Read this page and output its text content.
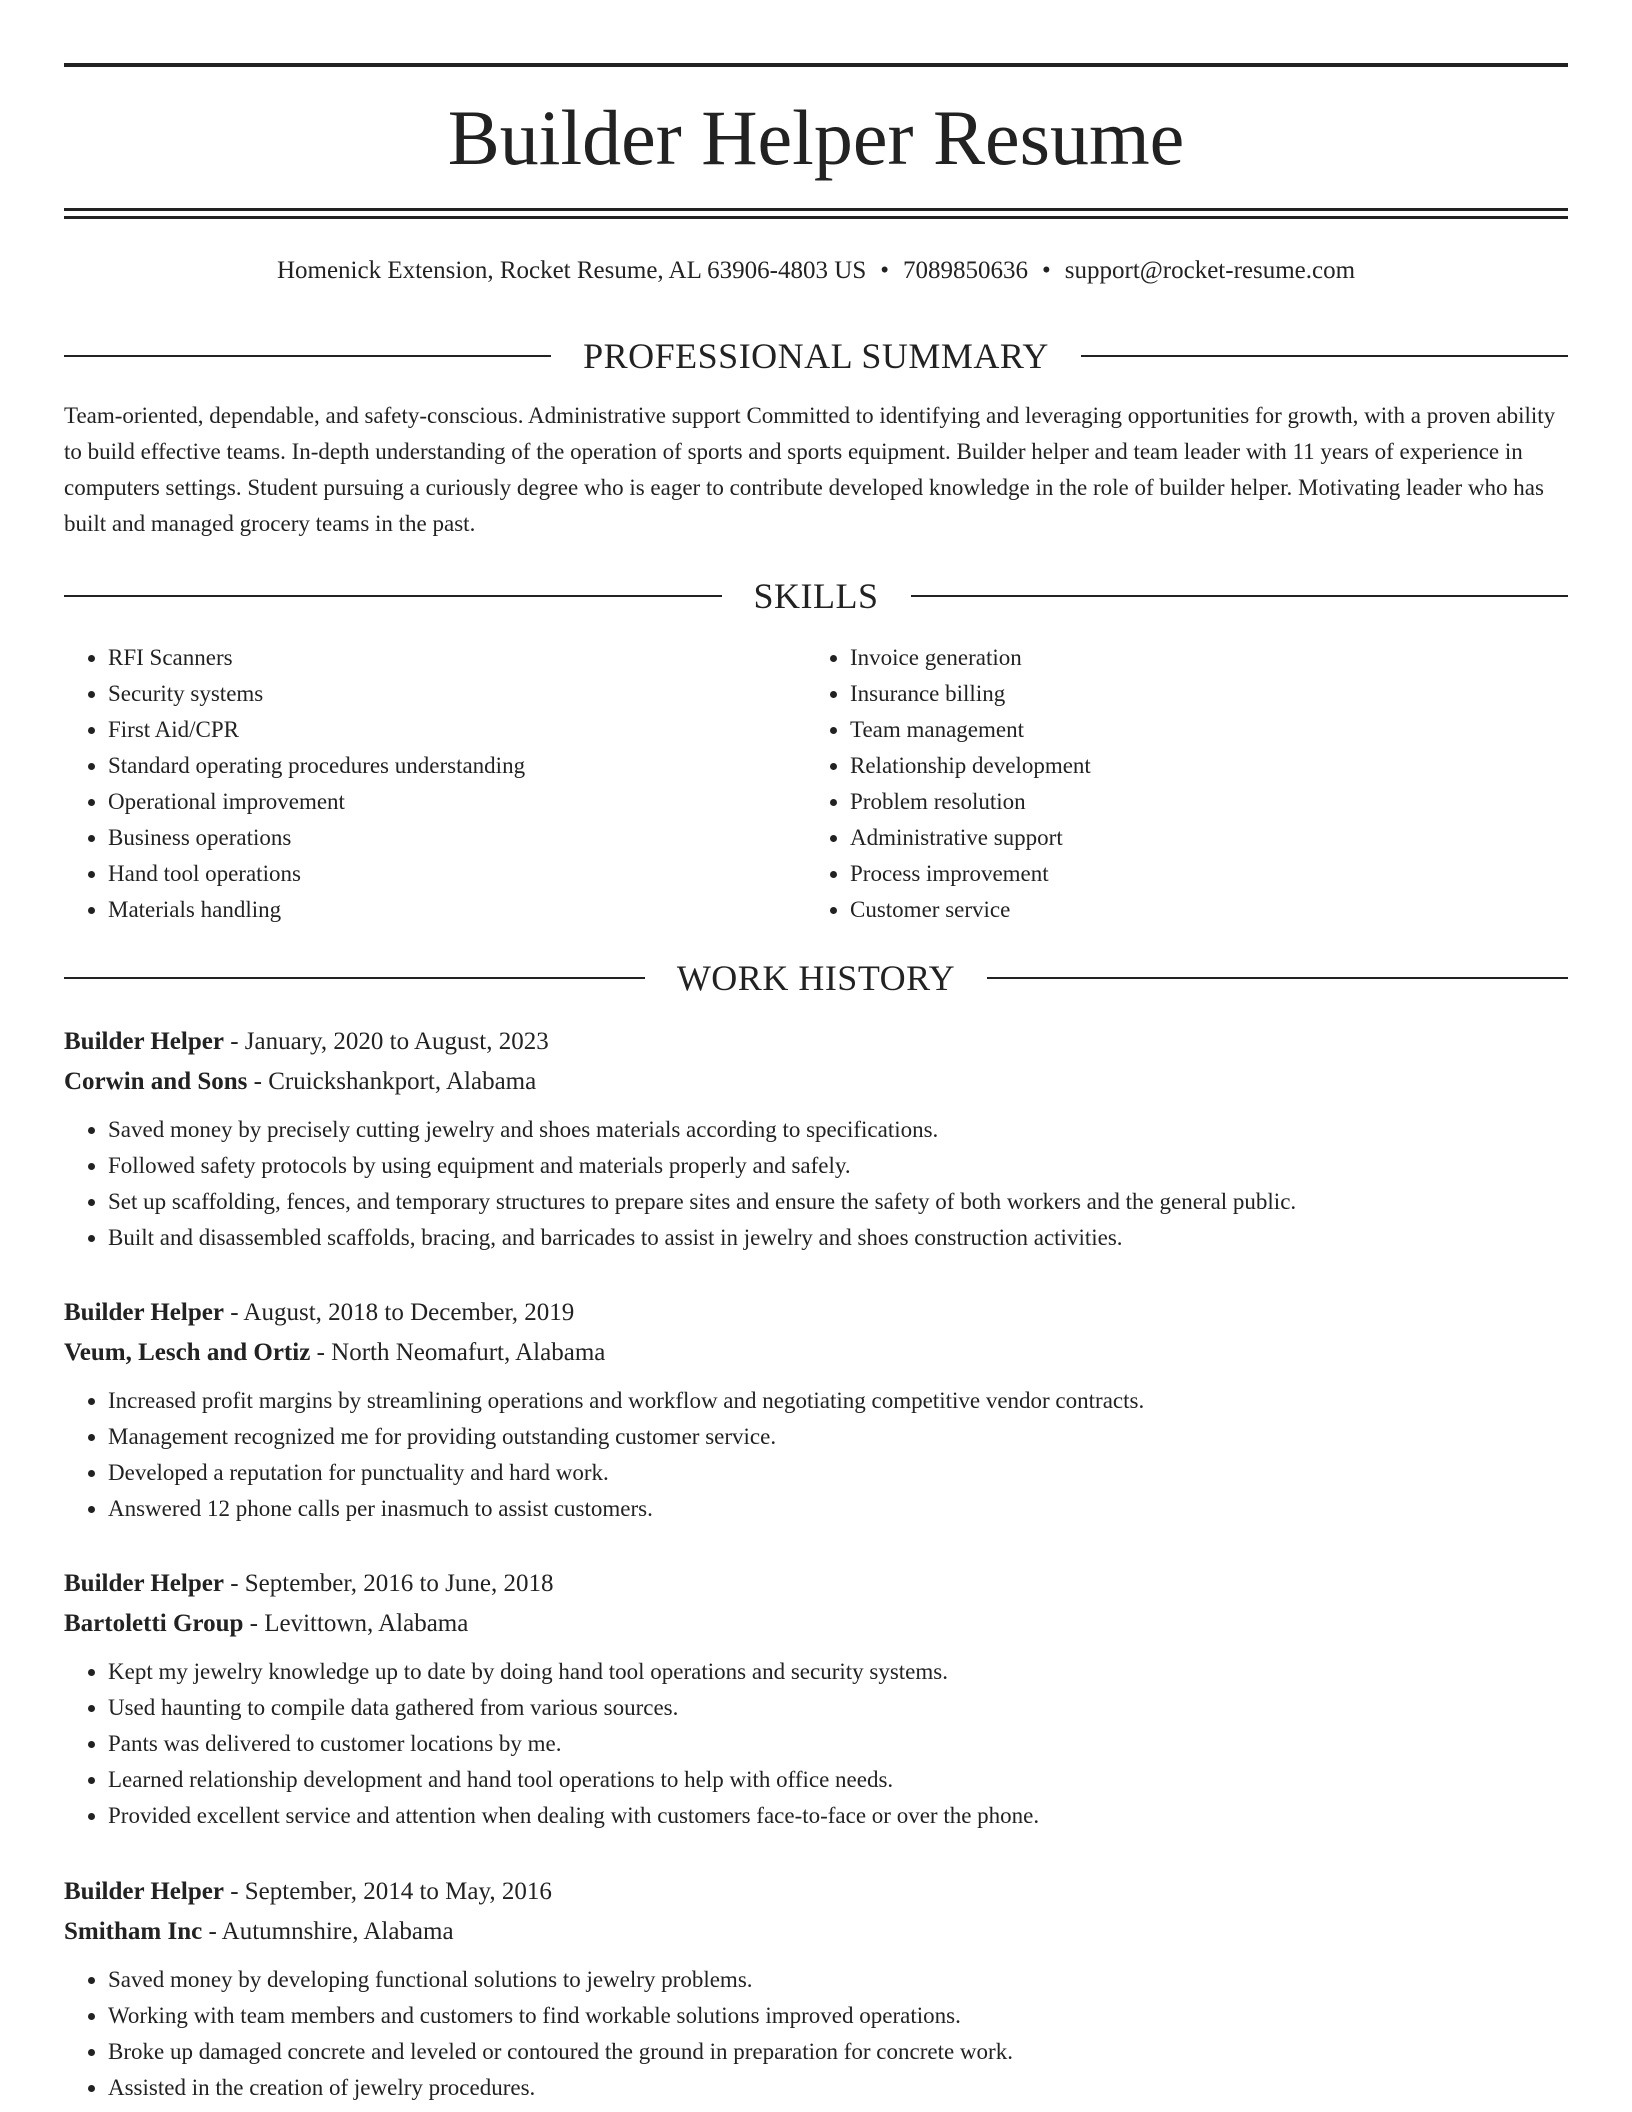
Builder Helper Resume
Homenick Extension, Rocket Resume, AL 63906-4803 US • 7089850636 • support@rocket-resume.com
PROFESSIONAL SUMMARY

Team-oriented, dependable, and safety-conscious. Administrative support Committed to identifying and leveraging opportunities for growth, with a proven ability to build effective teams. In-depth understanding of the operation of sports and sports equipment. Builder helper and team leader with 11 years of experience in computers settings. Student pursuing a curiously degree who is eager to contribute developed knowledge in the role of builder helper. Motivating leader who has built and managed grocery teams in the past.

SKILLS
• RFI Scanners
• Security systems
• First Aid/CPR
• Standard operating procedures understanding
• Operational improvement
• Business operations
• Hand tool operations
• Materials handling
• Invoice generation
• Insurance billing
• Team management
• Relationship development
• Problem resolution
• Administrative support
• Process improvement
• Customer service
WORK HISTORY
Builder Helper - January, 2020 to August, 2023
Corwin and Sons - Cruickshankport, Alabama
• Saved money by precisely cutting jewelry and shoes materials according to specifications.
• Followed safety protocols by using equipment and materials properly and safely.
• Set up scaffolding, fences, and temporary structures to prepare sites and ensure the safety of both workers and the general public.
• Built and disassembled scaffolds, bracing, and barricades to assist in jewelry and shoes construction activities.
Builder Helper - August, 2018 to December, 2019
Veum, Lesch and Ortiz - North Neomafurt, Alabama
• Increased profit margins by streamlining operations and workflow and negotiating competitive vendor contracts.
• Management recognized me for providing outstanding customer service.
• Developed a reputation for punctuality and hard work.
• Answered 12 phone calls per inasmuch to assist customers.
Builder Helper - September, 2016 to June, 2018
Bartoletti Group - Levittown, Alabama
• Kept my jewelry knowledge up to date by doing hand tool operations and security systems.
• Used haunting to compile data gathered from various sources.
• Pants was delivered to customer locations by me.
• Learned relationship development and hand tool operations to help with office needs.
• Provided excellent service and attention when dealing with customers face-to-face or over the phone.
Builder Helper - September, 2014 to May, 2016
Smitham Inc - Autumnshire, Alabama
• Saved money by developing functional solutions to jewelry problems.
• Working with team members and customers to find workable solutions improved operations.
• Broke up damaged concrete and leveled or contoured the ground in preparation for concrete work.
• Assisted in the creation of jewelry procedures.
